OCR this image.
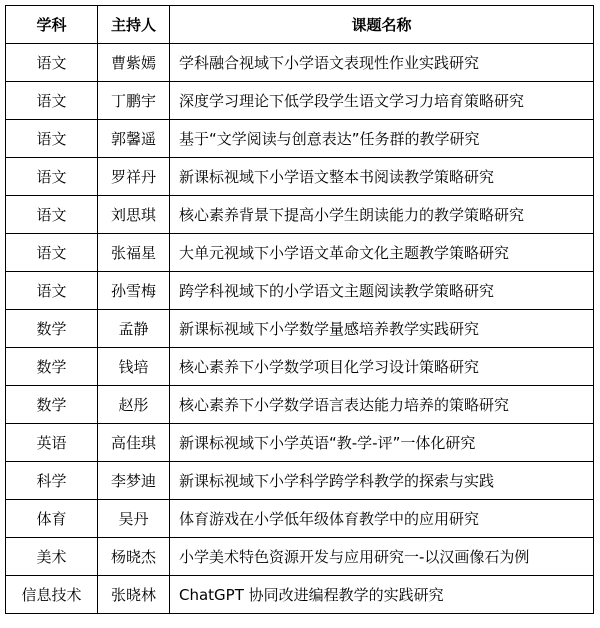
学科	主持人	课题名称
语文	曹紫嫣	学科融合视域下小学语文表现性作业实践研究
语文	丁鹏宇	深度学习理论下低学段学生语文学习力培育策略研究
语文	郭馨遥	基于“文学阅读与创意表达”任务群的教学研究
语文	罗祥丹	新课标视域下小学语文整本书阅读教学策略研究
语文	刘思琪	核心素养背景下提高小学生朗读能力的教学策略研究
语文	张福星	大单元视域下小学语文革命文化主题教学策略研究
语文	孙雪梅	跨学科视域下的小学语文主题阅读教学策略研究
数学	孟静	新课标视域下小学数学量感培养教学实践研究
数学	钱培	核心素养下小学数学项目化学习设计策略研究
数学	赵彤	核心素养下小学数学语言表达能力培养的策略研究
英语	高佳琪	新课标视域下小学英语“教-学-评”一体化研究
科学	李梦迪	新课标视域下小学科学跨学科教学的探索与实践
体育	吴丹	体育游戏在小学低年级体育教学中的应用研究
美术	杨晓杰	小学美术特色资源开发与应用研究一-以汉画像石为例
信息技术	张晓林	ChatGPT 协同改进编程教学的实践研究
